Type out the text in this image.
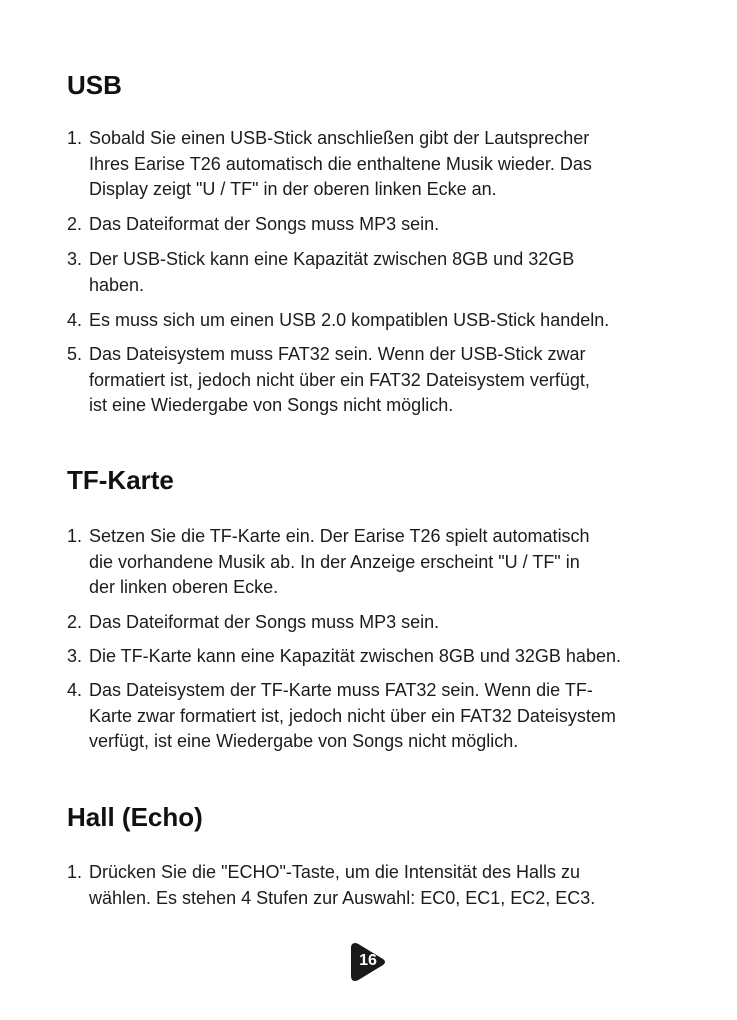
USB
1. Sobald Sie einen USB-Stick anschließen gibt der Lautsprecher
Ihres Earise T26 automatisch die enthaltene Musik wieder. Das
Display zeigt "U / TF" in der oberen linken Ecke an.
2. Das Dateiformat der Songs muss MP3 sein.
3. Der USB-Stick kann eine Kapazität zwischen 8GB und 32GB
haben.
4. Es muss sich um einen USB 2.0 kompatiblen USB-Stick handeln.
5. Das Dateisystem muss FAT32 sein. Wenn der USB-Stick zwar
formatiert ist, jedoch nicht über ein FAT32 Dateisystem verfügt,
ist eine Wiedergabe von Songs nicht möglich.
TF-Karte
1. Setzen Sie die TF-Karte ein. Der Earise T26 spielt automatisch
die vorhandene Musik ab. In der Anzeige erscheint "U / TF" in
der linken oberen Ecke.
2. Das Dateiformat der Songs muss MP3 sein.
3. Die TF-Karte kann eine Kapazität zwischen 8GB und 32GB haben.
4. Das Dateisystem der TF-Karte muss FAT32 sein. Wenn die TF-
Karte zwar formatiert ist, jedoch nicht über ein FAT32 Dateisystem
verfügt, ist eine Wiedergabe von Songs nicht möglich.
Hall (Echo)
1. Drücken Sie die "ECHO"-Taste, um die Intensität des Halls zu
wählen. Es stehen 4 Stufen zur Auswahl: EC0, EC1, EC2, EC3.
16
